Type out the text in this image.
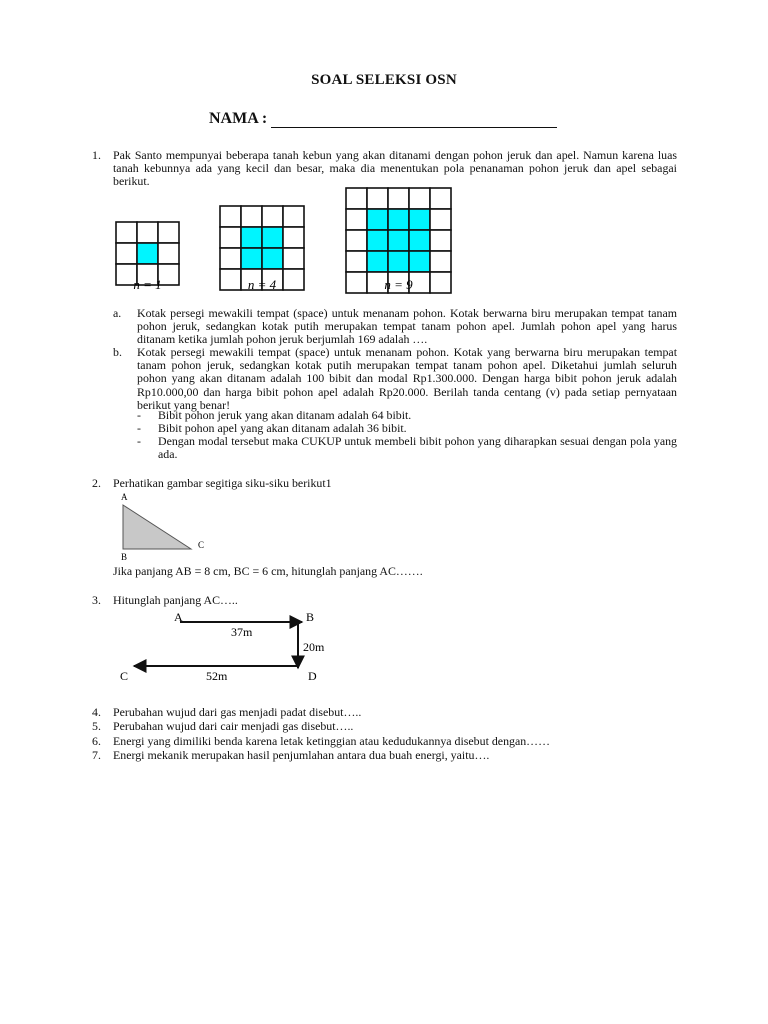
SOAL SELEKSI OSN
NAMA :
1. Pak Santo mempunyai beberapa tanah kebun yang akan ditanami dengan pohon jeruk dan apel. Namun karena luas tanah kebunnya ada yang kecil dan besar, maka dia menentukan pola penanaman pohon jeruk dan apel sebagai berikut.
n = 1	n = 4	n = 9
a. Kotak persegi mewakili tempat (space) untuk menanam pohon. Kotak berwarna biru merupakan tempat tanam pohon jeruk, sedangkan kotak putih merupakan tempat tanam pohon apel. Jumlah pohon apel yang harus ditanam ketika jumlah pohon jeruk berjumlah 169 adalah ….
b. Kotak persegi mewakili tempat (space) untuk menanam pohon. Kotak yang berwarna biru merupakan tempat tanam pohon jeruk, sedangkan kotak putih merupakan tempat tanam pohon apel. Diketahui jumlah seluruh pohon yang akan ditanam adalah 100 bibit dan modal Rp1.300.000. Dengan harga bibit pohon jeruk adalah Rp10.000,00 dan harga bibit pohon apel adalah Rp20.000. Berilah tanda centang (v) pada setiap pernyataan berikut yang benar!
- Bibit pohon jeruk yang akan ditanam adalah 64 bibit.
- Bibit pohon apel yang akan ditanam adalah 36 bibit.
- Dengan modal tersebut maka CUKUP untuk membeli bibit pohon yang diharapkan sesuai dengan pola yang ada.
2. Perhatikan gambar segitiga siku-siku berikut1
A
B
C
Jika panjang AB = 8 cm, BC = 6 cm, hitunglah panjang AC…….
3. Hitunglah panjang AC…..
A	B
C	D
37m
20m
52m
4. Perubahan wujud dari gas menjadi padat disebut…..
5. Perubahan wujud dari cair menjadi gas disebut…..
6. Energi yang dimiliki benda karena letak ketinggian atau kedudukannya disebut dengan……
7. Energi mekanik merupakan hasil penjumlahan antara dua buah energi, yaitu….
